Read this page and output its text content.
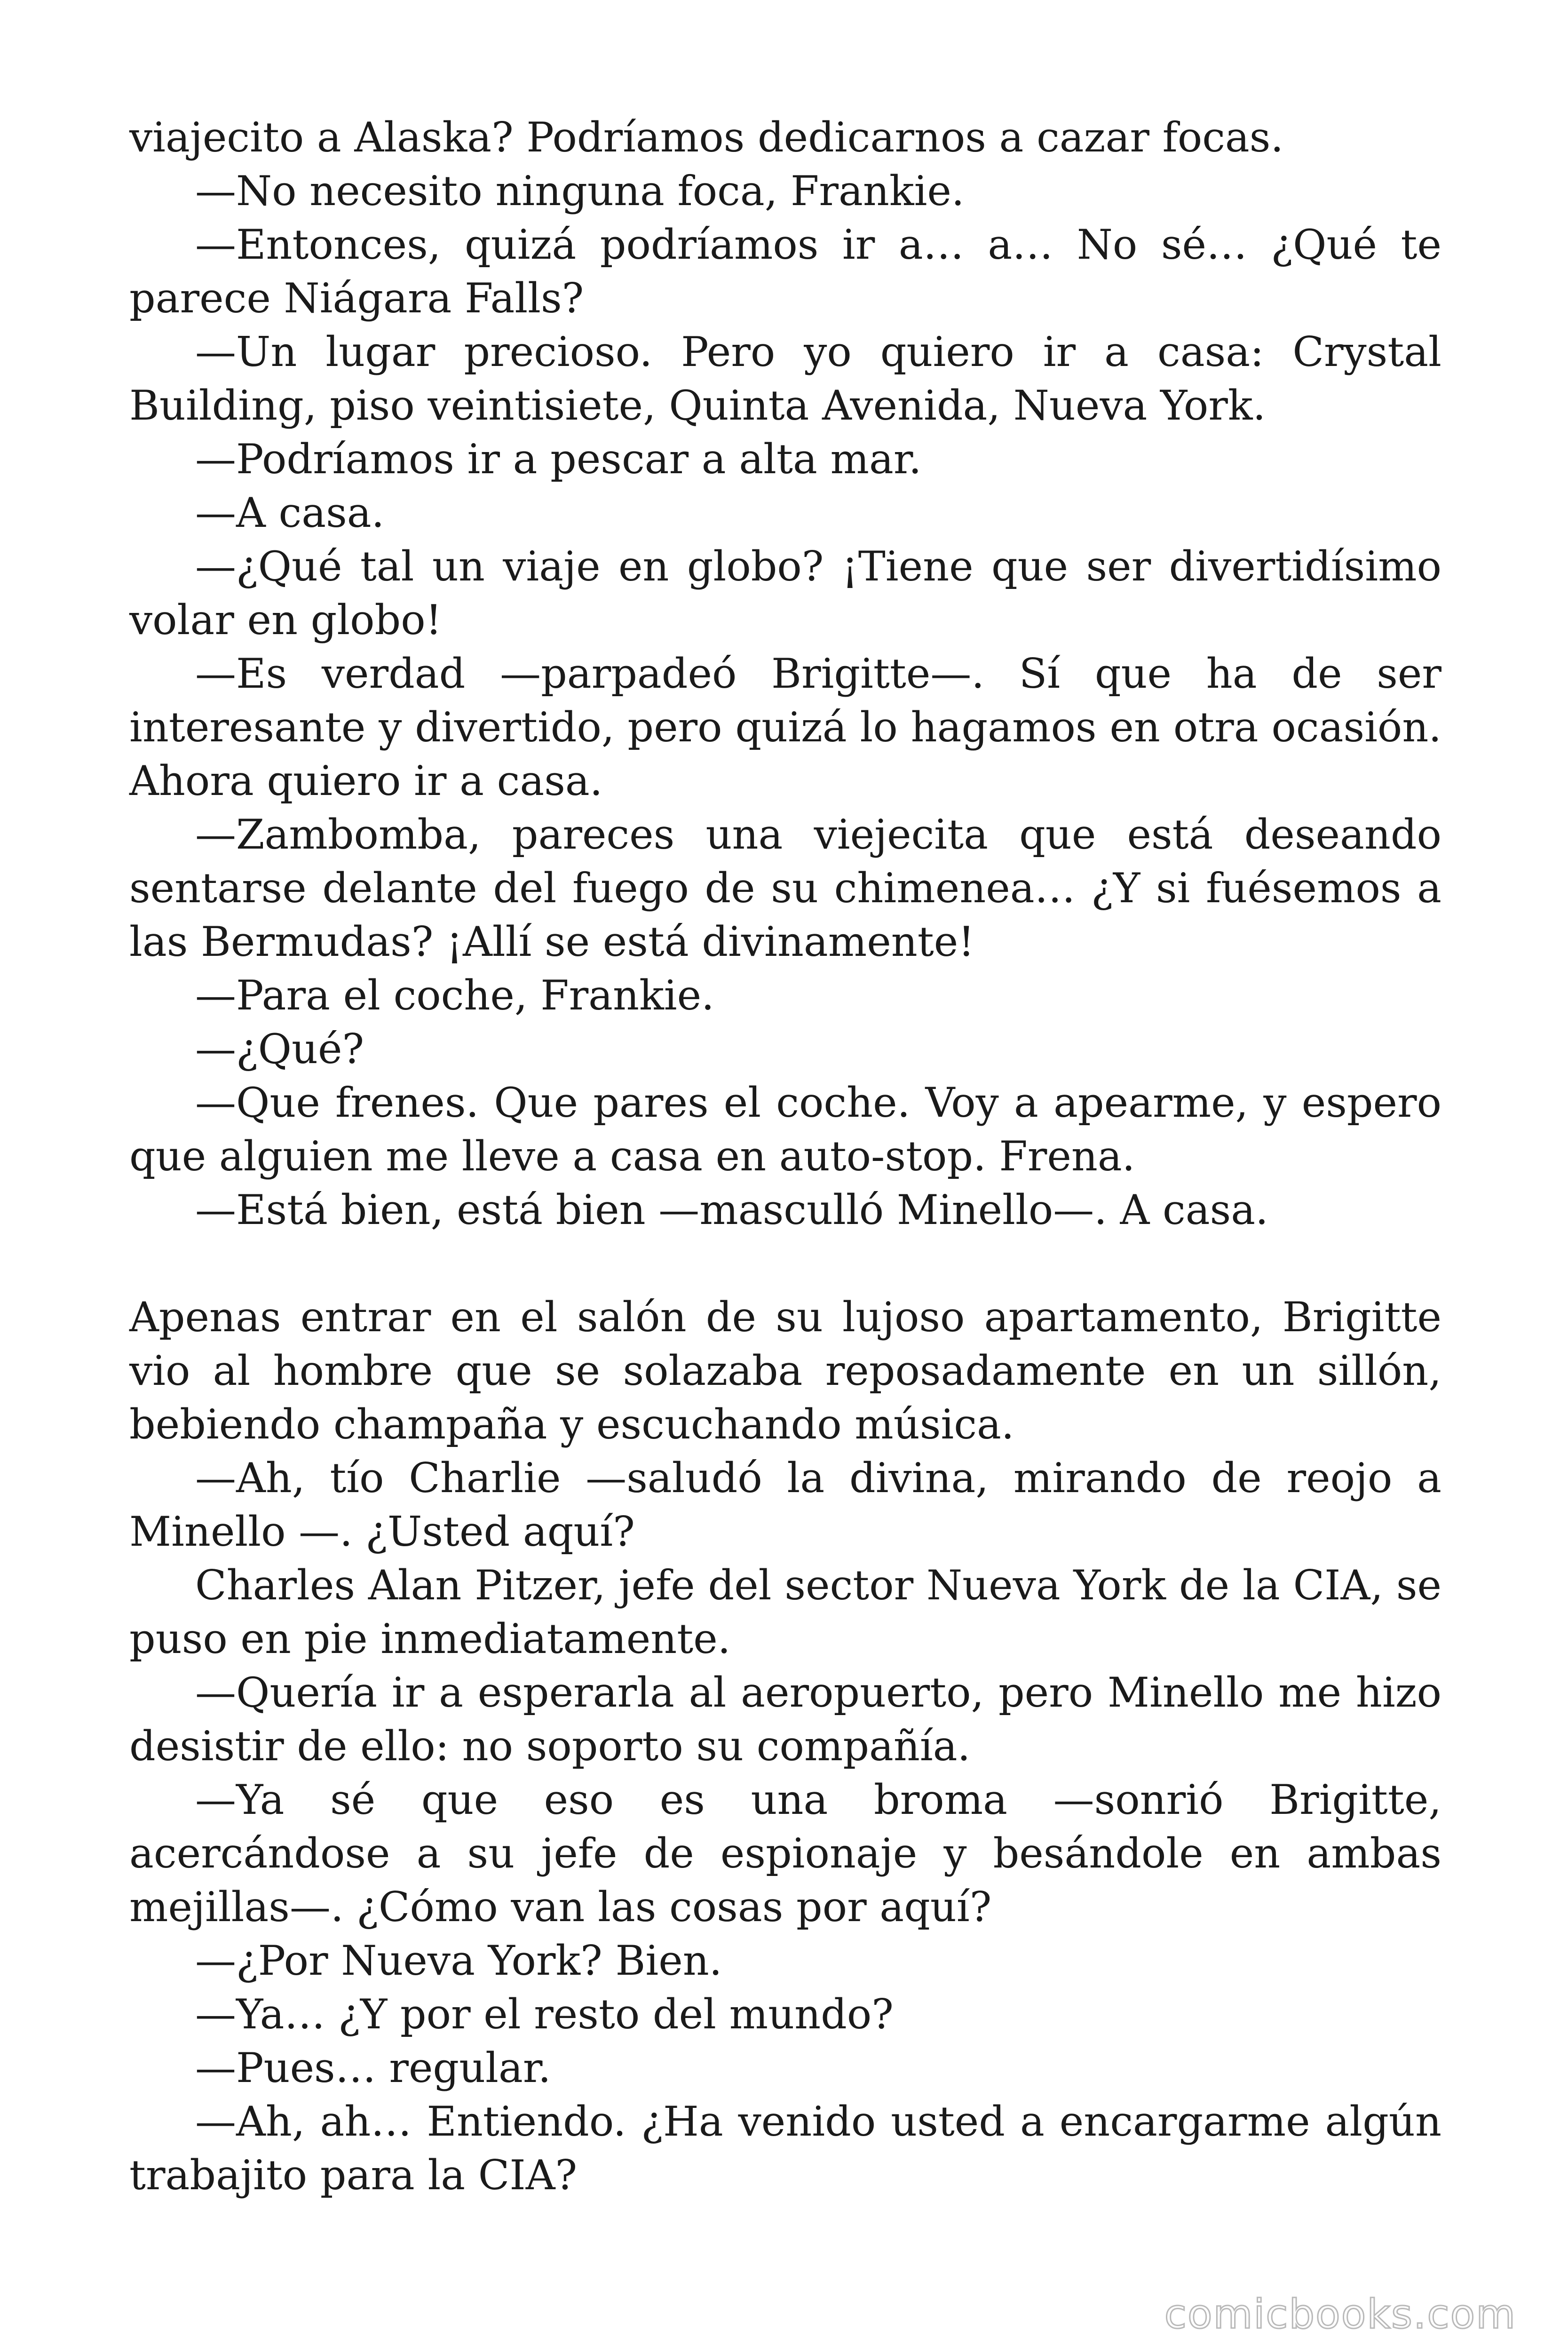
viajecito a Alaska? Podríamos dedicarnos a cazar focas.

—No necesito ninguna foca, Frankie.

—Entonces, quizá podríamos ir a… a… No sé… ¿Qué te parece Niágara Falls?

—Un lugar precioso. Pero yo quiero ir a casa: Crystal Building, piso veintisiete, Quinta Avenida, Nueva York.

—Podríamos ir a pescar a alta mar.

—A casa.

—¿Qué tal un viaje en globo? ¡Tiene que ser divertidísimo volar en globo!

—Es verdad —parpadeó Brigitte—. Sí que ha de ser interesante y divertido, pero quizá lo hagamos en otra ocasión. Ahora quiero ir a casa.

—Zambomba, pareces una viejecita que está deseando sentarse delante del fuego de su chimenea… ¿Y si fuésemos a las Bermudas? ¡Allí se está divinamente!

—Para el coche, Frankie.

—¿Qué?

—Que frenes. Que pares el coche. Voy a apearme, y espero que alguien me lleve a casa en auto-stop. Frena.

—Está bien, está bien —masculló Minello—. A casa.

Apenas entrar en el salón de su lujoso apartamento, Brigitte vio al hombre que se solazaba reposadamente en un sillón, bebiendo champaña y escuchando música.

—Ah, tío Charlie —saludó la divina, mirando de reojo a Minello —. ¿Usted aquí?

Charles Alan Pitzer, jefe del sector Nueva York de la CIA, se puso en pie inmediatamente.

—Quería ir a esperarla al aeropuerto, pero Minello me hizo desistir de ello: no soporto su compañía.

—Ya sé que eso es una broma —sonrió Brigitte, acercándose a su jefe de espionaje y besándole en ambas mejillas—. ¿Cómo van las cosas por aquí?

—¿Por Nueva York? Bien.

—Ya… ¿Y por el resto del mundo?

—Pues… regular.

—Ah, ah… Entiendo. ¿Ha venido usted a encargarme algún trabajito para la CIA?

comicbooks.com
